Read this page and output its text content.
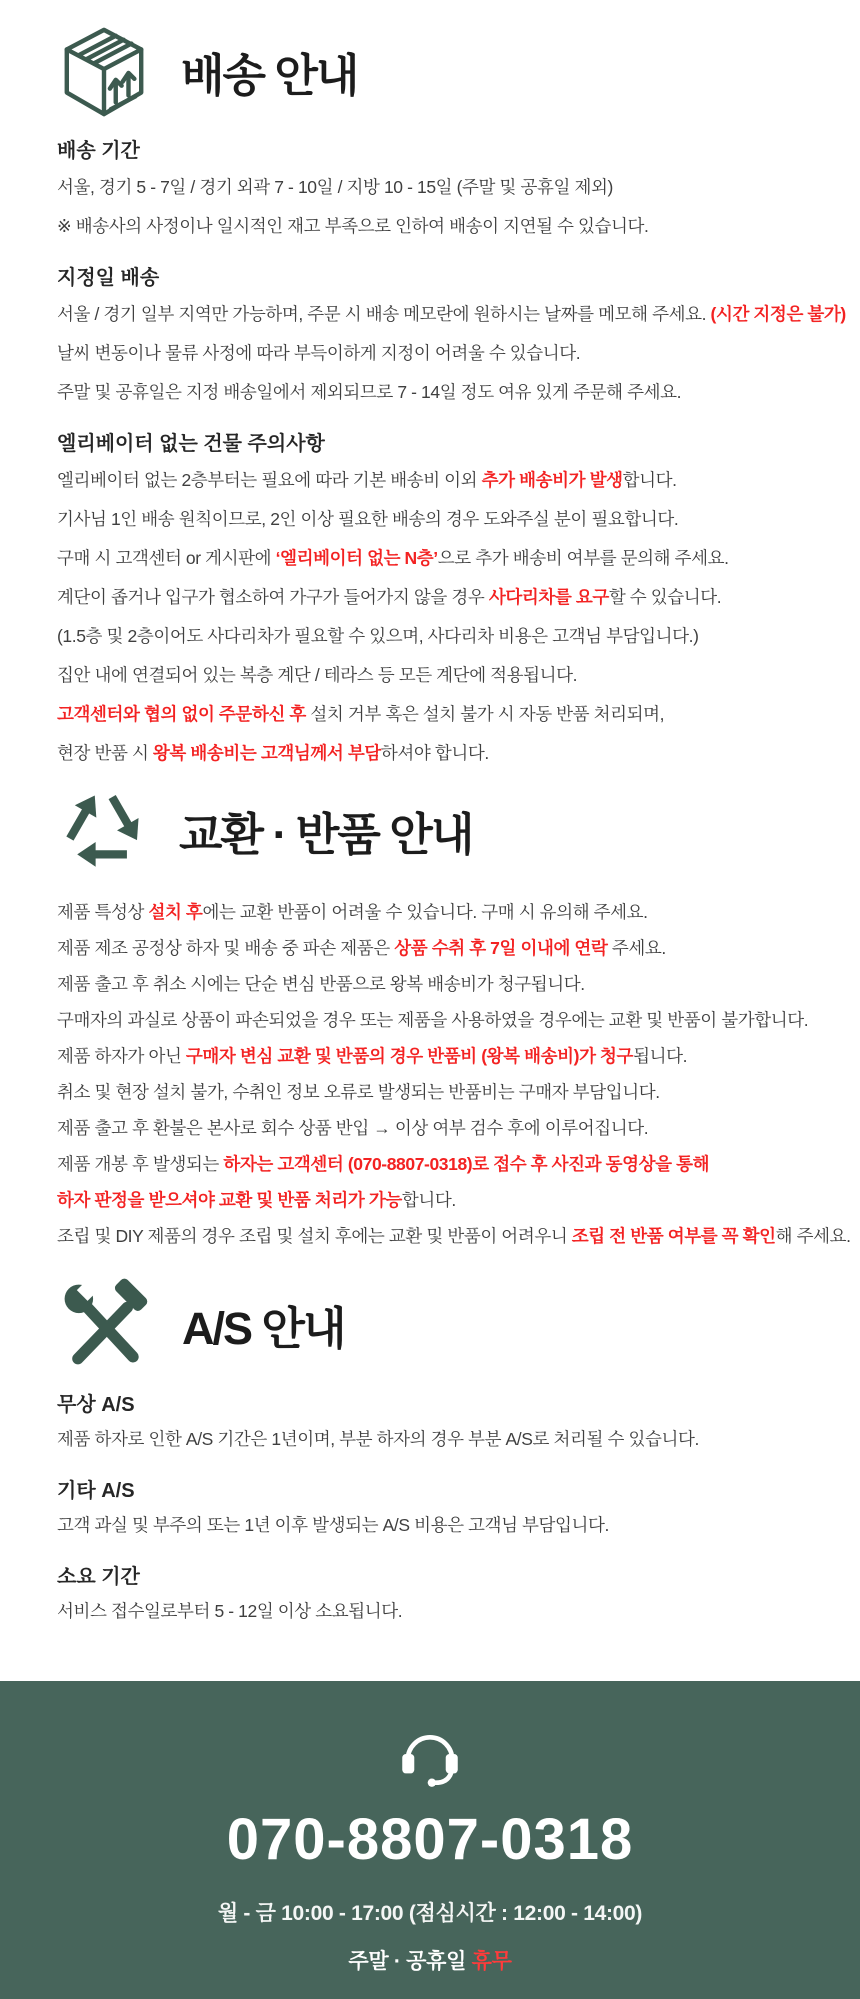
배송 안내
배송 기간

서울, 경기 5 - 7일 / 경기 외곽 7 - 10일 / 지방 10 - 15일 (주말 및 공휴일 제외)

※ 배송사의 사정이나 일시적인 재고 부족으로 인하여 배송이 지연될 수 있습니다.

지정일 배송

서울 / 경기 일부 지역만 가능하며, 주문 시 배송 메모란에 원하시는 날짜를 메모해 주세요. (시간 지정은 불가)

날씨 변동이나 물류 사정에 따라 부득이하게 지정이 어려울 수 있습니다.

주말 및 공휴일은 지정 배송일에서 제외되므로 7 - 14일 정도 여유 있게 주문해 주세요.

엘리베이터 없는 건물 주의사항

엘리베이터 없는 2층부터는 필요에 따라 기본 배송비 이외 추가 배송비가 발생합니다.

기사님 1인 배송 원칙이므로, 2인 이상 필요한 배송의 경우 도와주실 분이 필요합니다.

구매 시 고객센터 or 게시판에 ‘엘리베이터 없는 N층’으로 추가 배송비 여부를 문의해 주세요.

계단이 좁거나 입구가 협소하여 가구가 들어가지 않을 경우 사다리차를 요구할 수 있습니다.

(1.5층 및 2층이어도 사다리차가 필요할 수 있으며, 사다리차 비용은 고객님 부담입니다.)

집안 내에 연결되어 있는 복층 계단 / 테라스 등 모든 계단에 적용됩니다.

고객센터와 협의 없이 주문하신 후 설치 거부 혹은 설치 불가 시 자동 반품 처리되며,

현장 반품 시 왕복 배송비는 고객님께서 부담하셔야 합니다.

교환 · 반품 안내

제품 특성상 설치 후에는 교환 반품이 어려울 수 있습니다. 구매 시 유의해 주세요.

제품 제조 공정상 하자 및 배송 중 파손 제품은 상품 수취 후 7일 이내에 연락 주세요.

제품 출고 후 취소 시에는 단순 변심 반품으로 왕복 배송비가 청구됩니다.

구매자의 과실로 상품이 파손되었을 경우 또는 제품을 사용하였을 경우에는 교환 및 반품이 불가합니다.

제품 하자가 아닌 구매자 변심 교환 및 반품의 경우 반품비 (왕복 배송비)가 청구됩니다.

취소 및 현장 설치 불가, 수취인 정보 오류로 발생되는 반품비는 구매자 부담입니다.

제품 출고 후 환불은 본사로 회수 상품 반입 → 이상 여부 검수 후에 이루어집니다.

제품 개봉 후 발생되는 하자는 고객센터 (070-8807-0318)로 접수 후 사진과 동영상을 통해

하자 판정을 받으셔야 교환 및 반품 처리가 가능합니다.

조립 및 DIY 제품의 경우 조립 및 설치 후에는 교환 및 반품이 어려우니 조립 전 반품 여부를 꼭 확인해 주세요.

A/S 안내
무상 A/S

제품 하자로 인한 A/S 기간은 1년이며, 부분 하자의 경우 부분 A/S로 처리될 수 있습니다.

기타 A/S

고객 과실 및 부주의 또는 1년 이후 발생되는 A/S 비용은 고객님 부담입니다.

소요 기간

서비스 접수일로부터 5 - 12일 이상 소요됩니다.

070-8807-0318
월 - 금 10:00 - 17:00 (점심시간 : 12:00 - 14:00)
주말 · 공휴일 휴무
